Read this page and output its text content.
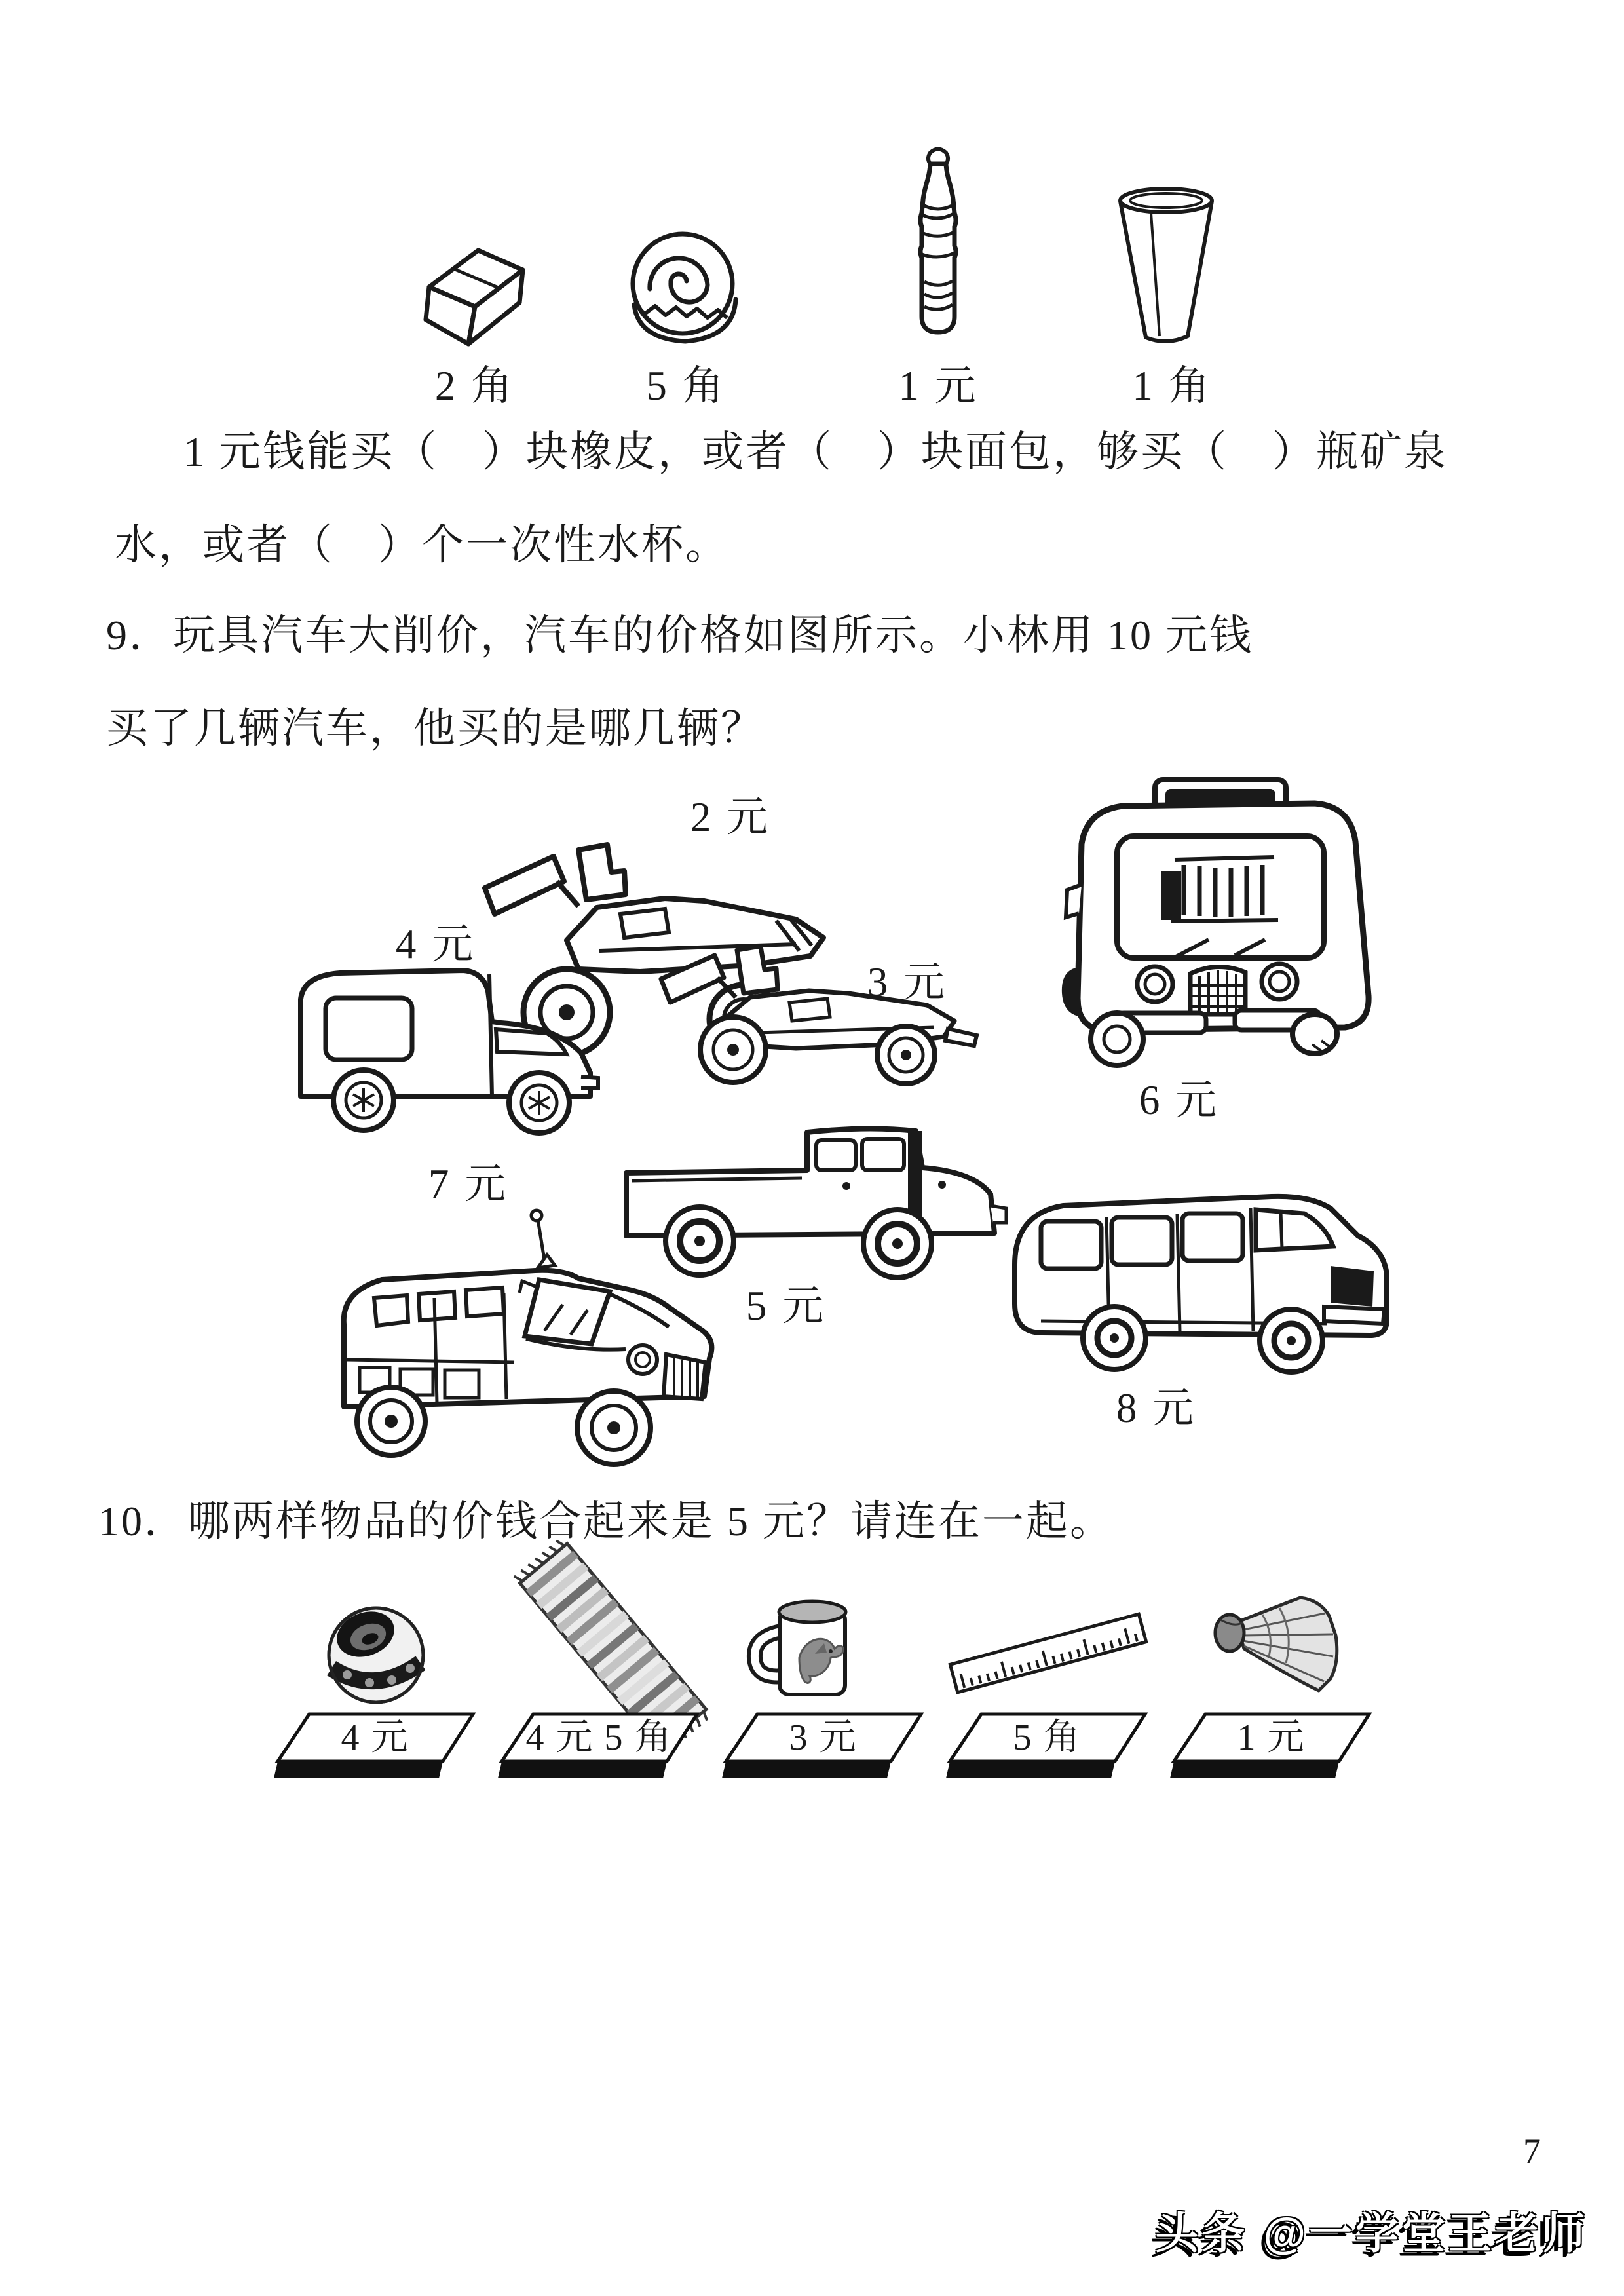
2 角	5 角	1 元	1 角
1 元钱能买（　）块橡皮，或者（　）块面包，够买（　）瓶矿泉
水，或者（　）个一次性水杯。
9．玩具汽车大削价，汽车的价格如图所示。小林用 10 元钱
买了几辆汽车，他买的是哪几辆？
2 元
4 元
3 元
6 元
7 元
5 元
8 元
10．哪两样物品的价钱合起来是 5 元？请连在一起。
4 元	4 元 5 角	3 元	5 角	1 元
7
头条 @一学堂王老师
